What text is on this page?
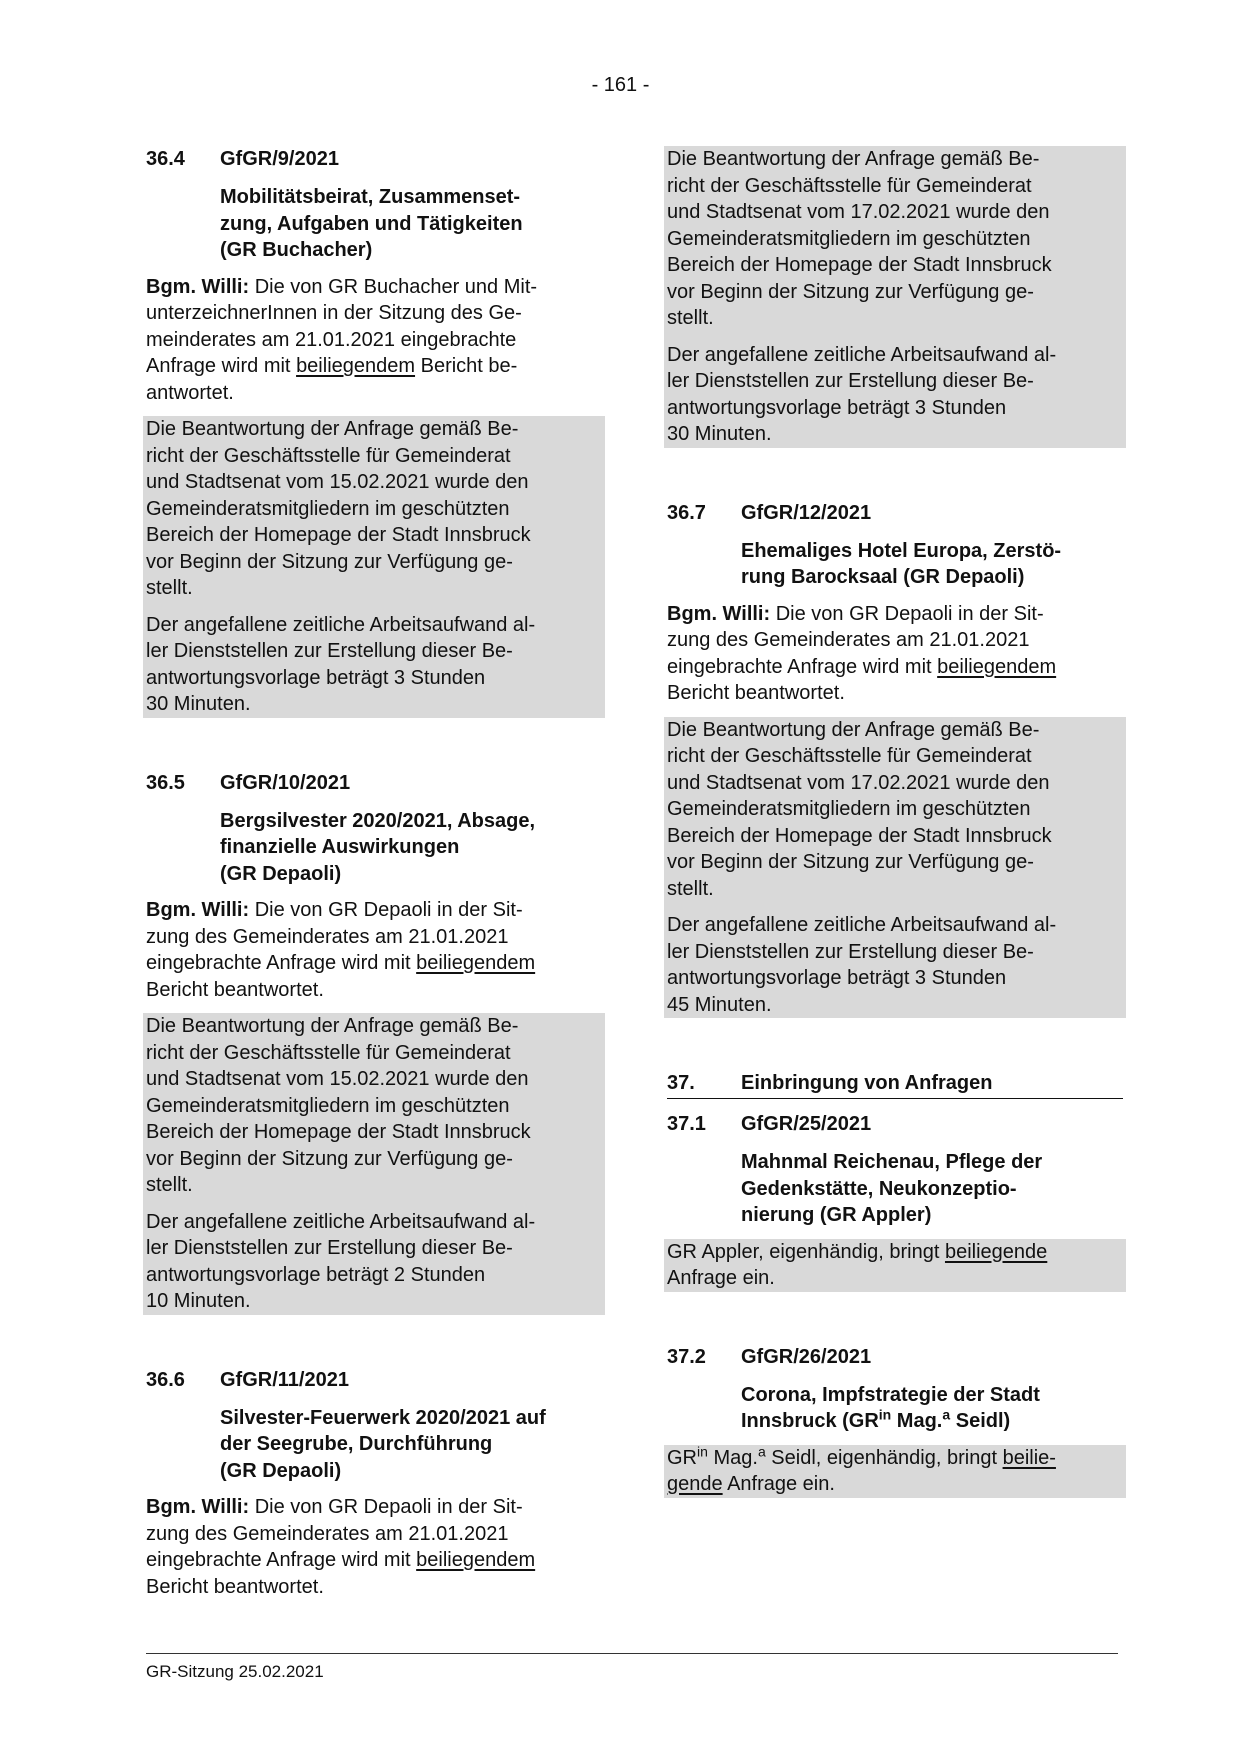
- 161 -
36.4	GfGR/9/2021
Mobilitätsbeirat, Zusammenset-
zung, Aufgaben und Tätigkeiten
(GR Buchacher)
Bgm. Willi: Die von GR Buchacher und Mit-
unterzeichnerInnen in der Sitzung des Ge-
meinderates am 21.01.2021 eingebrachte
Anfrage wird mit beiliegendem Bericht be-
antwortet.
Die Beantwortung der Anfrage gemäß Be-
richt der Geschäftsstelle für Gemeinderat
und Stadtsenat vom 15.02.2021 wurde den
Gemeinderatsmitgliedern im geschützten
Bereich der Homepage der Stadt Innsbruck
vor Beginn der Sitzung zur Verfügung ge-
stellt.
Der angefallene zeitliche Arbeitsaufwand al-
ler Dienststellen zur Erstellung dieser Be-
antwortungsvorlage beträgt 3 Stunden
30 Minuten.
36.5	GfGR/10/2021
Bergsilvester 2020/2021, Absage,
finanzielle Auswirkungen
(GR Depaoli)
Bgm. Willi: Die von GR Depaoli in der Sit-
zung des Gemeinderates am 21.01.2021
eingebrachte Anfrage wird mit beiliegendem
Bericht beantwortet.
Die Beantwortung der Anfrage gemäß Be-
richt der Geschäftsstelle für Gemeinderat
und Stadtsenat vom 15.02.2021 wurde den
Gemeinderatsmitgliedern im geschützten
Bereich der Homepage der Stadt Innsbruck
vor Beginn der Sitzung zur Verfügung ge-
stellt.
Der angefallene zeitliche Arbeitsaufwand al-
ler Dienststellen zur Erstellung dieser Be-
antwortungsvorlage beträgt 2 Stunden
10 Minuten.
36.6	GfGR/11/2021
Silvester-Feuerwerk 2020/2021 auf
der Seegrube, Durchführung
(GR Depaoli)
Bgm. Willi: Die von GR Depaoli in der Sit-
zung des Gemeinderates am 21.01.2021
eingebrachte Anfrage wird mit beiliegendem
Bericht beantwortet.
Die Beantwortung der Anfrage gemäß Be-
richt der Geschäftsstelle für Gemeinderat
und Stadtsenat vom 17.02.2021 wurde den
Gemeinderatsmitgliedern im geschützten
Bereich der Homepage der Stadt Innsbruck
vor Beginn der Sitzung zur Verfügung ge-
stellt.
Der angefallene zeitliche Arbeitsaufwand al-
ler Dienststellen zur Erstellung dieser Be-
antwortungsvorlage beträgt 3 Stunden
30 Minuten.
36.7	GfGR/12/2021
Ehemaliges Hotel Europa, Zerstö-
rung Barocksaal (GR Depaoli)
Bgm. Willi: Die von GR Depaoli in der Sit-
zung des Gemeinderates am 21.01.2021
eingebrachte Anfrage wird mit beiliegendem
Bericht beantwortet.
Die Beantwortung der Anfrage gemäß Be-
richt der Geschäftsstelle für Gemeinderat
und Stadtsenat vom 17.02.2021 wurde den
Gemeinderatsmitgliedern im geschützten
Bereich der Homepage der Stadt Innsbruck
vor Beginn der Sitzung zur Verfügung ge-
stellt.
Der angefallene zeitliche Arbeitsaufwand al-
ler Dienststellen zur Erstellung dieser Be-
antwortungsvorlage beträgt 3 Stunden
45 Minuten.
37.	Einbringung von Anfragen
37.1	GfGR/25/2021
Mahnmal Reichenau, Pflege der
Gedenkstätte, Neukonzeptio-
nierung (GR Appler)
GR Appler, eigenhändig, bringt beiliegende
Anfrage ein.
37.2	GfGR/26/2021
Corona, Impfstrategie der Stadt
Innsbruck ($GR^{in}$ Mag.$^a$ Seidl)
$GR^{in}$ Mag.$^a$ Seidl, eigenhändig, bringt beilie-
gende Anfrage ein.
GR-Sitzung 25.02.2021
